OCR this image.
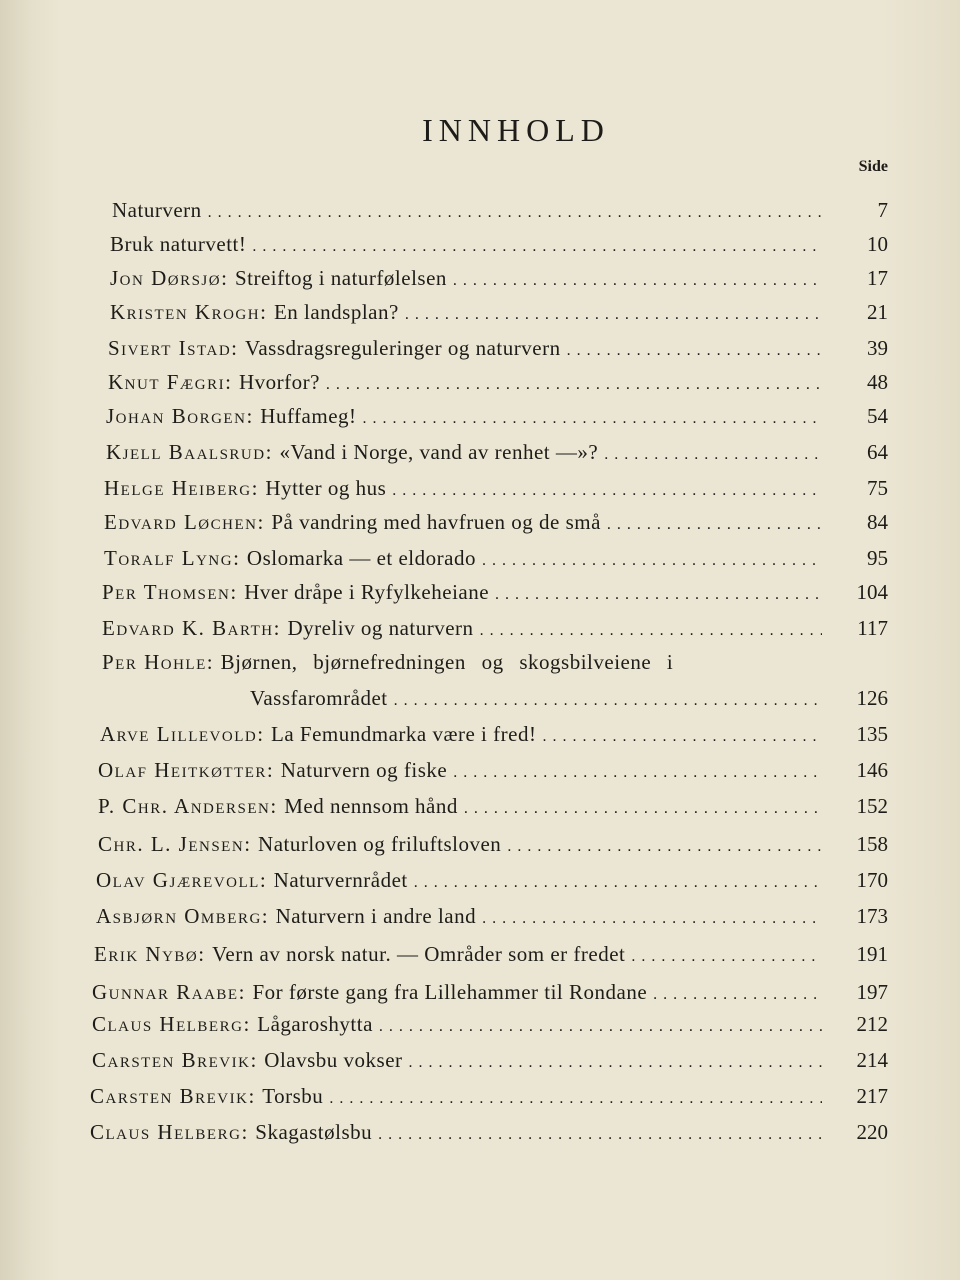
INNHOLD
Side
Naturvern . . .	7
Bruk naturvett! . . .	10
Jon Dørsjø : Streiftog i naturfølelsen . . .	17
Kristen Krogh : En landsplan? . . .	21
Sivert Istad : Vassdragsreguleringer og naturvern . . .	39
Knut Fægri : Hvorfor? . . .	48
Johan Borgen : Huffameg! . . .	54
Kjell Baalsrud : «Vand i Norge, vand av renhet —»? . . .	64
Helge Heiberg : Hytter og hus . . .	75
Edvard Løchen : På vandring med havfruen og de små . . .	84
Toralf Lyng : Oslomarka — et eldorado . . .	95
Per Thomsen : Hver dråpe i Ryfylkeheiane . . .	104
Edvard K. Barth : Dyreliv og naturvern . . .	117
Per Hohle : Bjørnen, bjørnefredningen og skogsbilveiene i
Vassfarområdet . . .	126
Arve Lillevold : La Femundmarka være i fred! . . .	135
Olaf Heitkøtter : Naturvern og fiske . . .	146
P. Chr. Andersen : Med nennsom hånd . . .	152
Chr. L. Jensen : Naturloven og friluftsloven . . .	158
Olav Gjærevoll : Naturvernrådet . . .	170
Asbjørn Omberg : Naturvern i andre land . . .	173
Erik Nybø : Vern av norsk natur. — Områder som er fredet . . .	191
Gunnar Raabe : For første gang fra Lillehammer til Rondane . . .	197
Claus Helberg : Lågaroshytta . . .	212
Carsten Brevik : Olavsbu vokser . . .	214
Carsten Brevik : Torsbu . . .	217
Claus Helberg : Skagastølsbu . . .	220
